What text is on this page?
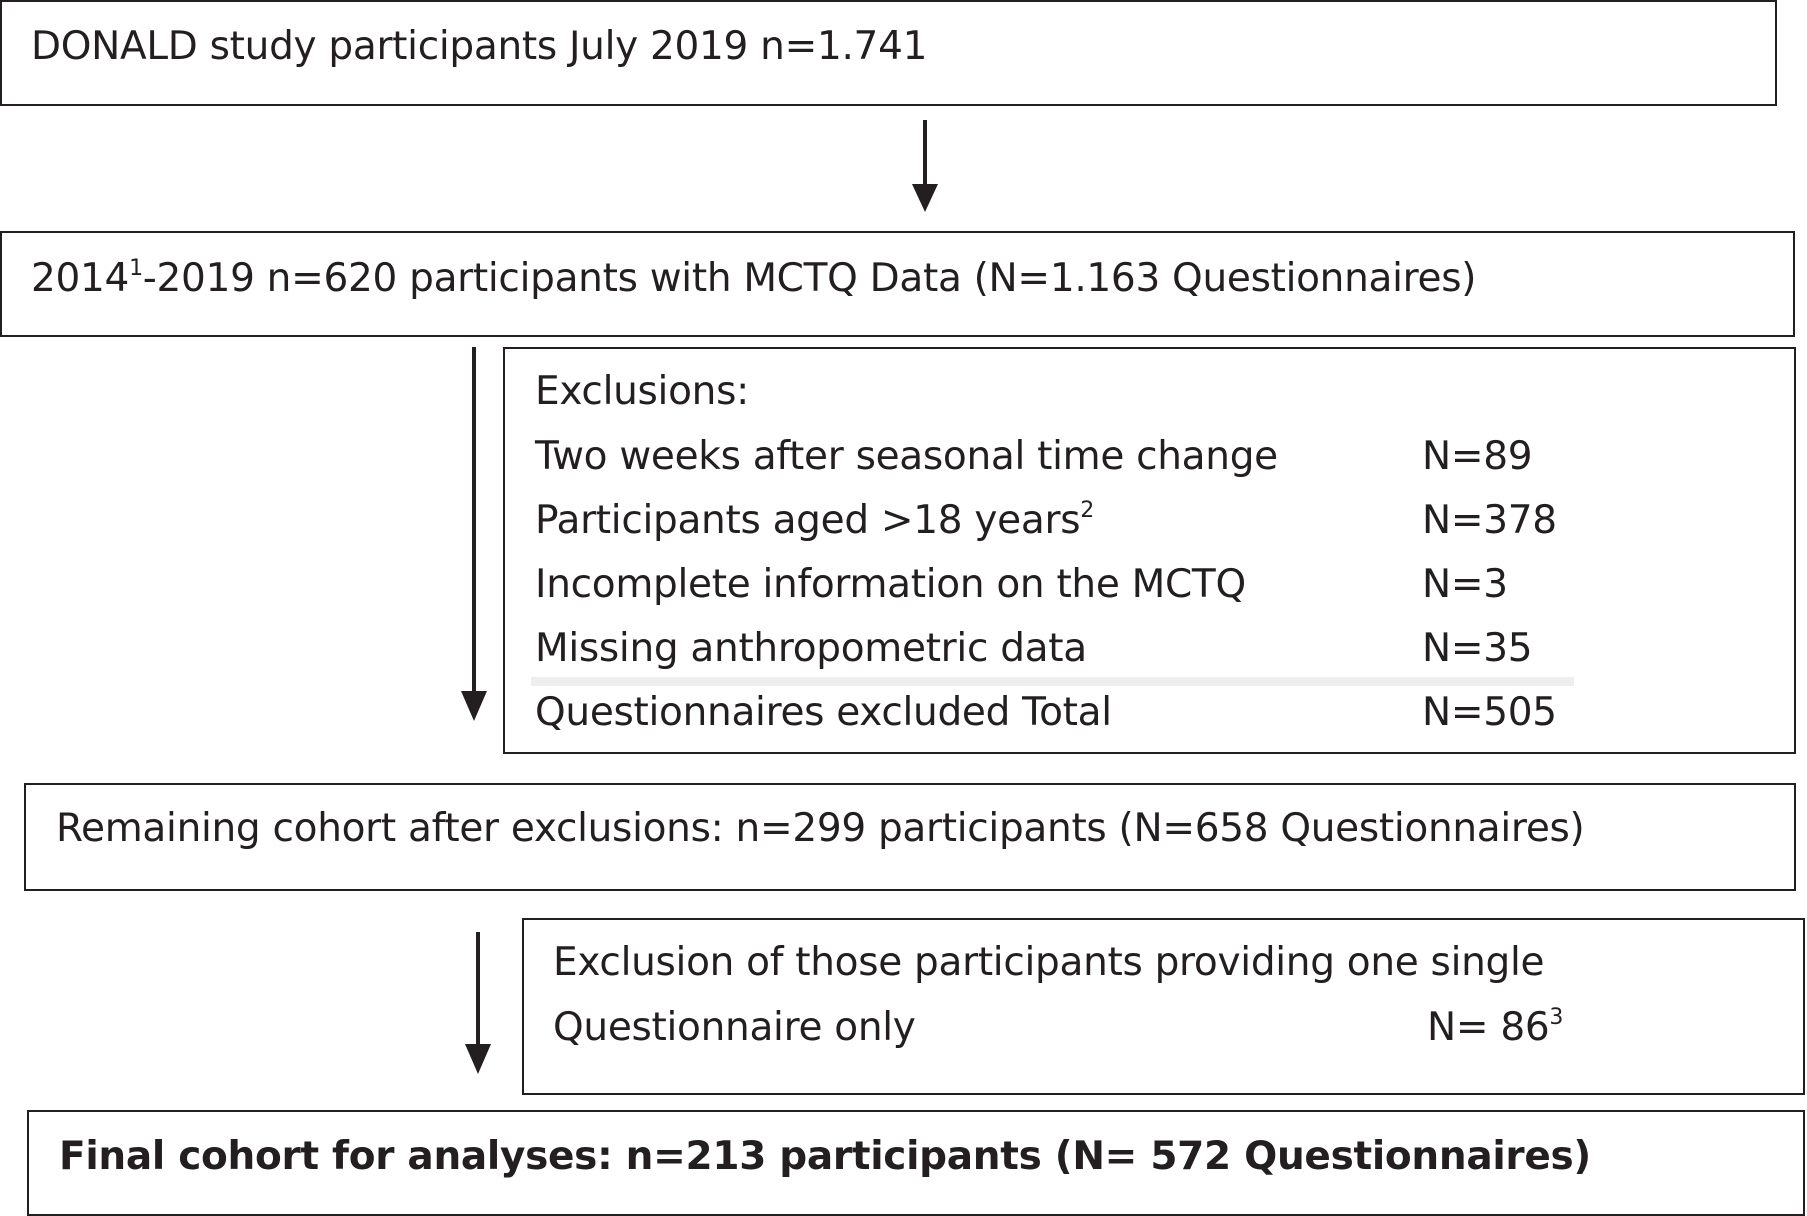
DONALD study participants July 2019 n=1.741
2014$^1$-2019 n=620 participants with MCTQ Data (N=1.163 Questionnaires)
Exclusions:
Two weeks after seasonal time change	N=89
Participants aged >18 years$^2$	N=378
Incomplete information on the MCTQ	N=3
Missing anthropometric data	N=35
Questionnaires excluded Total	N=505
Remaining cohort after exclusions: n=299 participants (N=658 Questionnaires)
Exclusion of those participants providing one single
Questionnaire only	$N= 86^3$
Final cohort for analyses: n=213 participants (N= 572 Questionnaires)
